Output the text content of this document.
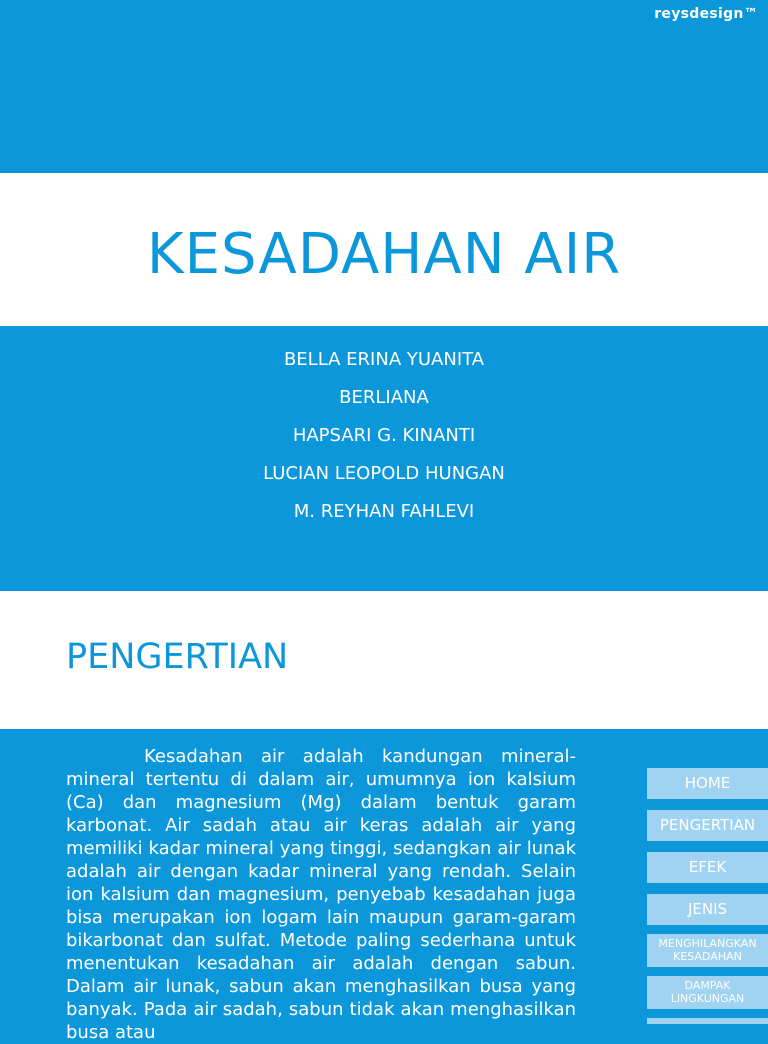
reysdesign™
KESADAHAN AIR
BELLA ERINA YUANITA
BERLIANA
HAPSARI G. KINANTI
LUCIAN LEOPOLD HUNGAN
M. REYHAN FAHLEVI
PENGERTIAN
Kesadahan air adalah kandungan mineral-mineral tertentu di dalam air, umumnya ion kalsium (Ca) dan magnesium (Mg) dalam bentuk garam karbonat. Air sadah atau air keras adalah air yang memiliki kadar mineral yang tinggi, sedangkan air lunak adalah air dengan kadar mineral yang rendah. Selain ion kalsium dan magnesium, penyebab kesadahan juga bisa merupakan ion logam lain maupun garam-garam bikarbonat dan sulfat. Metode paling sederhana untuk menentukan kesadahan air adalah dengan sabun. Dalam air lunak, sabun akan menghasilkan busa yang banyak. Pada air sadah, sabun tidak akan menghasilkan busa atau
HOME
PENGERTIAN
EFEK
JENIS
MENGHILANGKAN
KESADAHAN
DAMPAK
LINGKUNGAN
